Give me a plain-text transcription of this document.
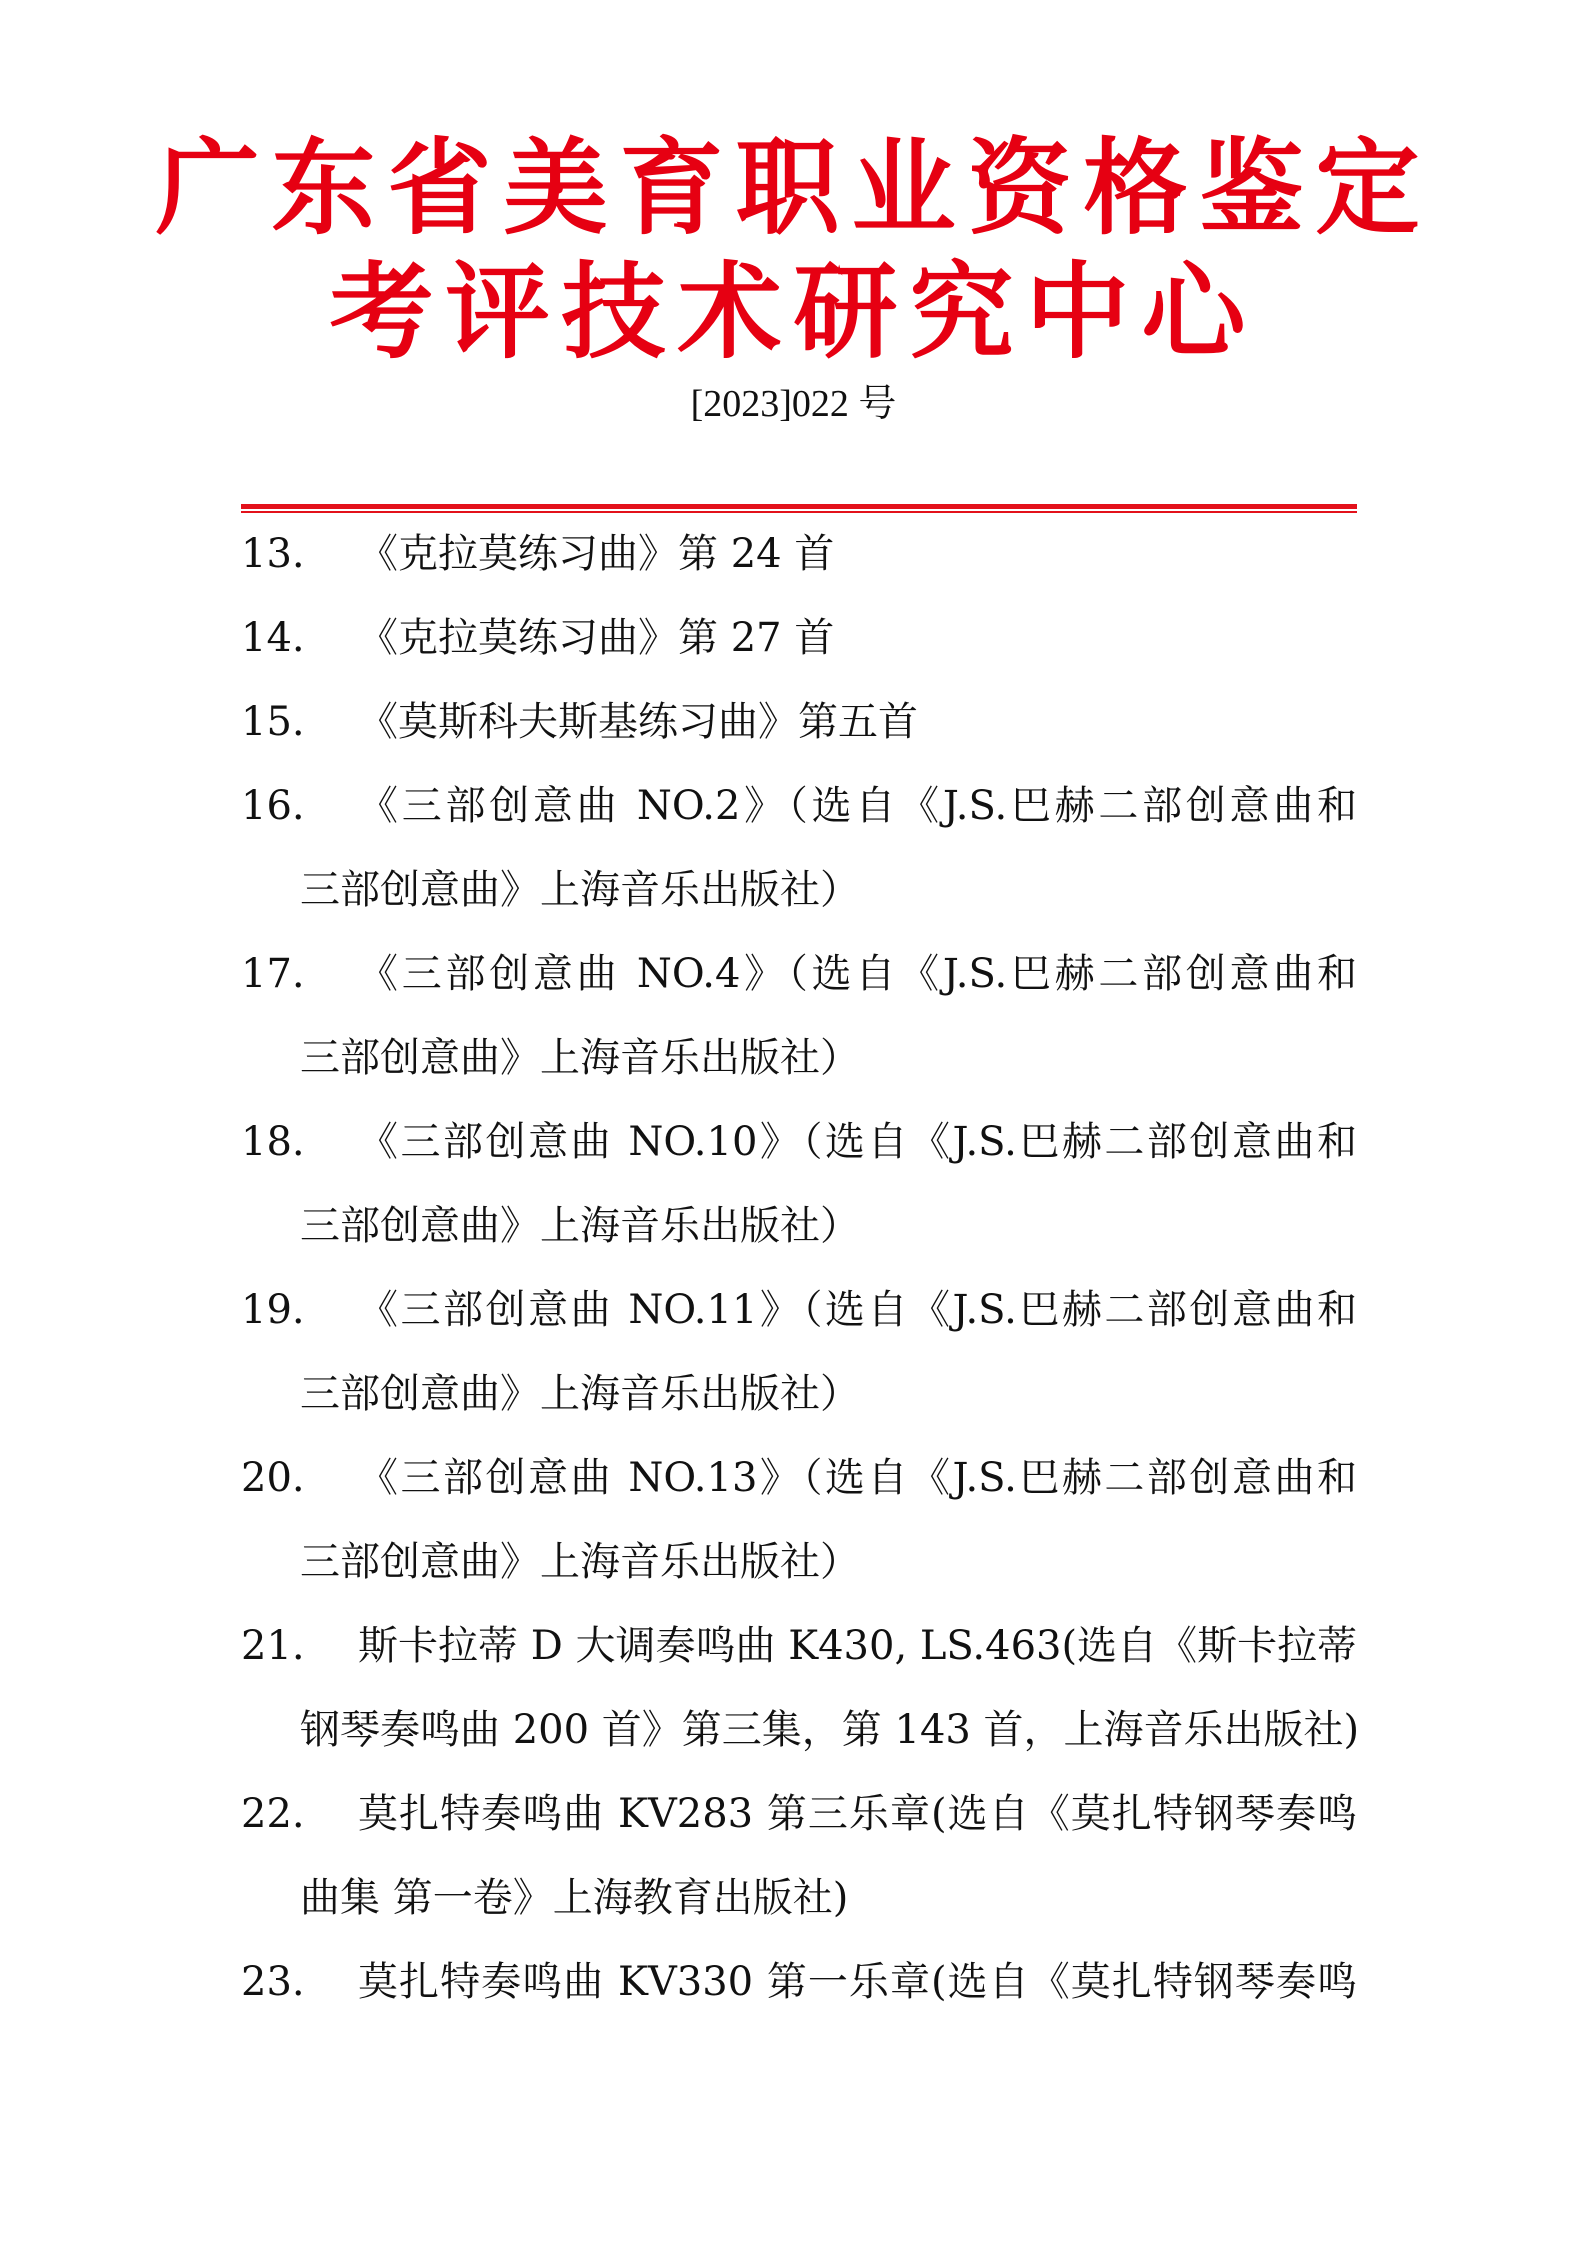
广东省美育职业资格鉴定
考评技术研究中心
[2023]022 号
13. 《克拉莫练习曲》第 24 首
14. 《克拉莫练习曲》第 27 首
15. 《莫斯科夫斯基练习曲》第五首
16. 《三部创意曲 NO.2》（选自《J.S.巴赫二部创意曲和
三部创意曲》上海音乐出版社）
17. 《三部创意曲 NO.4》（选自《J.S.巴赫二部创意曲和
三部创意曲》上海音乐出版社）
18. 《三部创意曲 NO.10》（选自《J.S.巴赫二部创意曲和
三部创意曲》上海音乐出版社）
19. 《三部创意曲 NO.11》（选自《J.S.巴赫二部创意曲和
三部创意曲》上海音乐出版社）
20. 《三部创意曲 NO.13》（选自《J.S.巴赫二部创意曲和
三部创意曲》上海音乐出版社）
21. 斯卡拉蒂 D 大调奏鸣曲 K430, LS.463(选自《斯卡拉蒂
钢琴奏鸣曲 200 首》第三集，第 143 首，上海音乐出版社)
22. 莫扎特奏鸣曲 KV283 第三乐章(选自《莫扎特钢琴奏鸣
曲集 第一卷》上海教育出版社)
23. 莫扎特奏鸣曲 KV330 第一乐章(选自《莫扎特钢琴奏鸣
